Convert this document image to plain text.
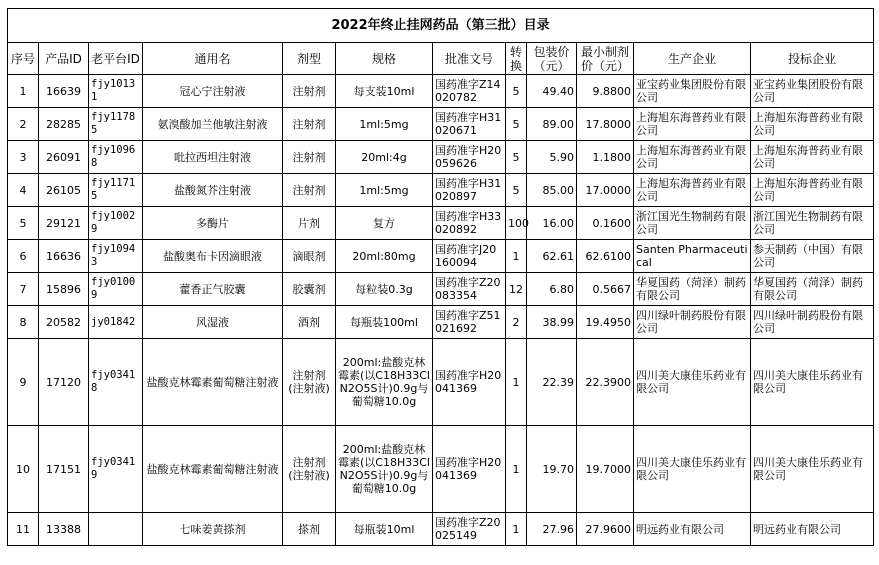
2022年终止挂网药品（第三批）目录											
序号	产品ID	老平台ID	通用名	剂型	规格	批准文号	转换	包装价（元）	最小制剂价（元）	生产企业	投标企业
1	16639	fjy10131	冠心宁注射液	注射剂	每支装10ml	国药准字Z14020782	5	49.40	9.8800	亚宝药业集团股份有限公司	亚宝药业集团股份有限公司
2	28285	fjy11785	氨溴酸加兰他敏注射液	注射剂	1ml:5mg	国药准字H31020671	5	89.00	17.8000	上海旭东海普药业有限公司	上海旭东海普药业有限公司
3	26091	fjy10968	吡拉西坦注射液	注射剂	20ml:4g	国药准字H20059626	5	5.90	1.1800	上海旭东海普药业有限公司	上海旭东海普药业有限公司
4	26105	fjy11715	盐酸氮芥注射液	注射剂	1ml:5mg	国药准字H31020897	5	85.00	17.0000	上海旭东海普药业有限公司	上海旭东海普药业有限公司
5	29121	fjy10029	多酶片	片剂	复方	国药准字H33020892	100	16.00	0.1600	浙江国光生物制药有限公司	浙江国光生物制药有限公司
6	16636	fjy10943	盐酸奥布卡因滴眼液	滴眼剂	20ml:80mg	国药准字J20160094	1	62.61	62.6100	Santen Pharmaceutical	参天制药（中国）有限公司
7	15896	fjy01009	藿香正气胶囊	胶囊剂	每粒装0.3g	国药准字Z20083354	12	6.80	0.5667	华夏国药（菏泽）制药有限公司	华夏国药（菏泽）制药有限公司
8	20582	jy01842	风湿液	酒剂	每瓶装100ml	国药准字Z51021692	2	38.99	19.4950	四川绿叶制药股份有限公司	四川绿叶制药股份有限公司
9	17120	fjy03418	盐酸克林霉素葡萄糖注射液	注射剂(注射液)	200ml:盐酸克林霉素(以C18H33ClN2O5S计)0.9g与葡萄糖10.0g	国药准字H20041369	1	22.39	22.3900	四川美大康佳乐药业有限公司	四川美大康佳乐药业有限公司
10	17151	fjy03419	盐酸克林霉素葡萄糖注射液	注射剂(注射液)	200ml:盐酸克林霉素(以C18H33ClN2O5S计)0.9g与葡萄糖10.0g	国药准字H20041369	1	19.70	19.7000	四川美大康佳乐药业有限公司	四川美大康佳乐药业有限公司
11	13388		七味姜黄搽剂	搽剂	每瓶装10ml	国药准字Z20025149	1	27.96	27.9600	明远药业有限公司	明远药业有限公司
